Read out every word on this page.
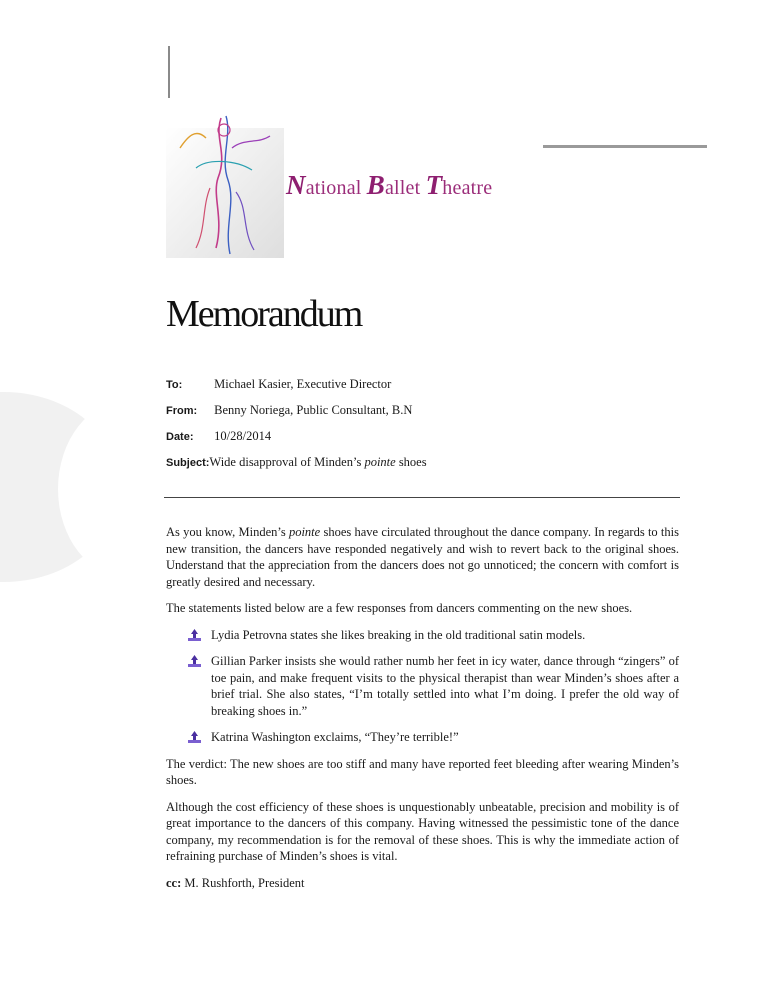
National Ballet Theatre
Memorandum
To:	Michael Kasier, Executive Director
From: Benny Noriega, Public Consultant, B.N
Date: 10/28/2014
Subject:Wide disapproval of Minden’s pointe shoes

As you know, Minden’s pointe shoes have circulated throughout the dance company. In regards to this new transition, the dancers have responded negatively and wish to revert back to the original shoes. Understand that the appreciation from the dancers does not go unnoticed; the concern with comfort is greatly desired and necessary.

The statements listed below are a few responses from dancers commenting on the new shoes.

Lydia Petrovna states she likes breaking in the old traditional satin models.
Gillian Parker insists she would rather numb her feet in icy water, dance through “zingers” of toe pain, and make frequent visits to the physical therapist than wear Minden’s shoes after a brief trial. She also states, “I’m totally settled into what I’m doing. I prefer the old way of breaking shoes in.”
Katrina Washington exclaims, “They’re terrible!”

The verdict: The new shoes are too stiff and many have reported feet bleeding after wearing Minden’s shoes.

Although the cost efficiency of these shoes is unquestionably unbeatable, precision and mobility is of great importance to the dancers of this company. Having witnessed the pessimistic tone of the dance company, my recommendation is for the removal of these shoes. This is why the immediate action of refraining purchase of Minden’s shoes is vital.

cc: M. Rushforth, President
